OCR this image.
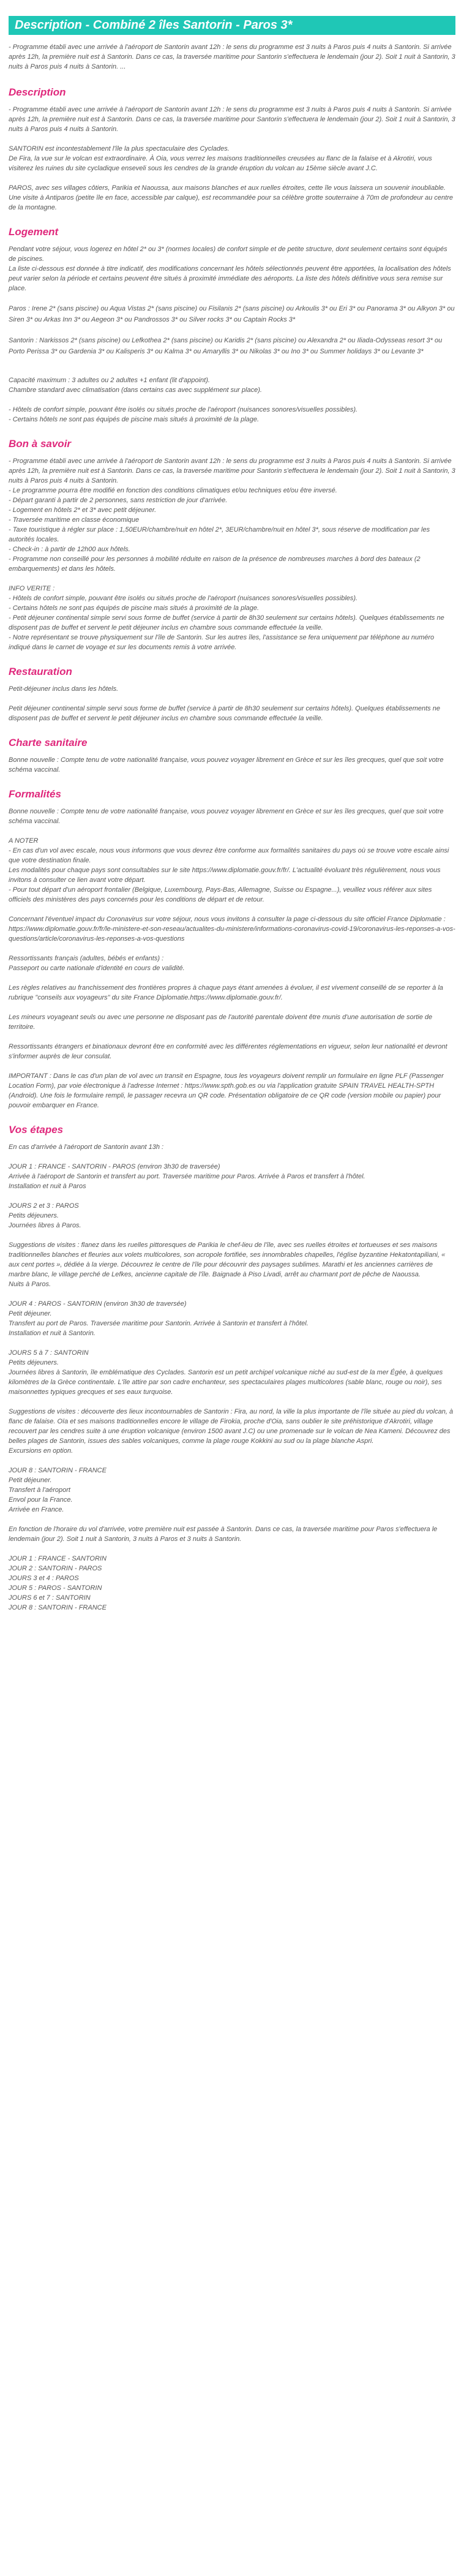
Description - Combiné 2 îles Santorin - Paros 3*

- Programme établi avec une arrivée à l'aéroport de Santorin avant 12h : le sens du programme est 3 nuits à Paros puis 4 nuits à Santorin. Si arrivée après 12h, la première nuit est à Santorin. Dans ce cas, la traversée maritime pour Santorin s'effectuera le lendemain (jour 2). Soit 1 nuit à Santorin, 3 nuits à Paros puis 4 nuits à Santorin. ...

Description

- Programme établi avec une arrivée à l'aéroport de Santorin avant 12h : le sens du programme est 3 nuits à Paros puis 4 nuits à Santorin. Si arrivée après 12h, la première nuit est à Santorin. Dans ce cas, la traversée maritime pour Santorin s'effectuera le lendemain (jour 2). Soit 1 nuit à Santorin, 3 nuits à Paros puis 4 nuits à Santorin.

SANTORIN est incontestablement l'île la plus spectaculaire des Cyclades.
De Fira, la vue sur le volcan est extraordinaire. À Oia, vous verrez les maisons traditionnelles creusées au flanc de la falaise et à Akrotiri, vous visiterez les ruines du site cycladique enseveli sous les cendres de la grande éruption du volcan au 15ème siècle avant J.C.

PAROS, avec ses villages côtiers, Parikia et Naoussa, aux maisons blanches et aux ruelles étroites, cette île vous laissera un souvenir inoubliable. Une visite à Antiparos (petite île en face, accessible par calque), est recommandée pour sa célèbre grotte souterraine à 70m de profondeur au centre de la montagne.

Logement

Pendant votre séjour, vous logerez en hôtel 2* ou 3* (normes locales) de confort simple et de petite structure, dont seulement certains sont équipés de piscines.
La liste ci-dessous est donnée à titre indicatif, des modifications concernant les hôtels sélectionnés peuvent être apportées, la localisation des hôtels peut varier selon la période et certains peuvent être situés à proximité immédiate des aéroports. La liste des hôtels définitive vous sera remise sur place.

Paros : Irene 2* (sans piscine) ou Aqua Vistas 2* (sans piscine) ou Fisilanis 2* (sans piscine) ou Arkoulis 3* ou Eri 3* ou Panorama 3* ou Alkyon 3* ou Siren 3* ou Arkas Inn 3* ou Aegeon 3* ou Pandrossos 3* ou Silver rocks 3* ou Captain Rocks 3*

Santorin : Narkissos 2* (sans piscine) ou Lefkothea 2* (sans piscine) ou Karidis 2* (sans piscine) ou Alexandra 2* ou Iliada-Odysseas resort 3* ou Porto Perissa 3* ou Gardenia 3* ou Kalisperis 3* ou Kalma 3* ou Amaryllis 3* ou Nikolas 3* ou Ino 3* ou Summer holidays 3* ou Levante 3*

Capacité maximum : 3 adultes ou 2 adultes +1 enfant (lit d'appoint).
Chambre standard avec climatisation (dans certains cas avec supplément sur place).

- Hôtels de confort simple, pouvant être isolés ou situés proche de l'aéroport (nuisances sonores/visuelles possibles).
- Certains hôtels ne sont pas équipés de piscine mais situés à proximité de la plage.

Bon à savoir

- Programme établi avec une arrivée à l'aéroport de Santorin avant 12h : le sens du programme est 3 nuits à Paros puis 4 nuits à Santorin. Si arrivée après 12h, la première nuit est à Santorin. Dans ce cas, la traversée maritime pour Santorin s'effectuera le lendemain (jour 2). Soit 1 nuit à Santorin, 3 nuits à Paros puis 4 nuits à Santorin.
- Le programme pourra être modifié en fonction des conditions climatiques et/ou techniques et/ou être inversé.
- Départ garanti à partir de 2 personnes, sans restriction de jour d'arrivée.
- Logement en hôtels 2* et 3* avec petit déjeuner.
- Traversée maritime en classe économique
- Taxe touristique à régler sur place : 1,50EUR/chambre/nuit en hôtel 2*, 3EUR/chambre/nuit en hôtel 3*, sous réserve de modification par les autorités locales.
- Check-in : à partir de 12h00 aux hôtels.
- Programme non conseillé pour les personnes à mobilité réduite en raison de la présence de nombreuses marches à bord des bateaux (2 embarquements) et dans les hôtels.

INFO VERITE :
- Hôtels de confort simple, pouvant être isolés ou situés proche de l'aéroport (nuisances sonores/visuelles possibles).
- Certains hôtels ne sont pas équipés de piscine mais situés à proximité de la plage.
- Petit déjeuner continental simple servi sous forme de buffet (service à partir de 8h30 seulement sur certains hôtels). Quelques établissements ne disposent pas de buffet et servent le petit déjeuner inclus en chambre sous commande effectuée la veille.
- Notre représentant se trouve physiquement sur l'île de Santorin. Sur les autres îles, l'assistance se fera uniquement par téléphone au numéro indiqué dans le carnet de voyage et sur les documents remis à votre arrivée.

Restauration

Petit-déjeuner inclus dans les hôtels.

Petit déjeuner continental simple servi sous forme de buffet (service à partir de 8h30 seulement sur certains hôtels). Quelques établissements ne disposent pas de buffet et servent le petit déjeuner inclus en chambre sous commande effectuée la veille.

Charte sanitaire

Bonne nouvelle : Compte tenu de votre nationalité française, vous pouvez voyager librement en Grèce et sur les îles grecques, quel que soit votre schéma vaccinal.

Formalités

Bonne nouvelle : Compte tenu de votre nationalité française, vous pouvez voyager librement en Grèce et sur les îles grecques, quel que soit votre schéma vaccinal.

A NOTER
- En cas d'un vol avec escale, nous vous informons que vous devrez être conforme aux formalités sanitaires du pays où se trouve votre escale ainsi que votre destination finale.
Les modalités pour chaque pays sont consultables sur le site https://www.diplomatie.gouv.fr/fr/. L'actualité évoluant très régulièrement, nous vous invitons à consulter ce lien avant votre départ.
- Pour tout départ d'un aéroport frontalier (Belgique, Luxembourg, Pays-Bas, Allemagne, Suisse ou Espagne...), veuillez vous référer aux sites officiels des ministères des pays concernés pour les conditions de départ et de retour.

Concernant l'éventuel impact du Coronavirus sur votre séjour, nous vous invitons à consulter la page ci-dessous du site officiel France Diplomatie :
https://www.diplomatie.gouv.fr/fr/le-ministere-et-son-reseau/actualites-du-ministere/informations-coronavirus-covid-19/coronavirus-les-reponses-a-vos-questions/article/coronavirus-les-reponses-a-vos-questions

Ressortissants français (adultes, bébés et enfants) :
Passeport ou carte nationale d'identité en cours de validité.

Les règles relatives au franchissement des frontières propres à chaque pays étant amenées à évoluer, il est vivement conseillé de se reporter à la rubrique "conseils aux voyageurs" du site France Diplomatie.https://www.diplomatie.gouv.fr/.

Les mineurs voyageant seuls ou avec une personne ne disposant pas de l'autorité parentale doivent être munis d'une autorisation de sortie de territoire.

Ressortissants étrangers et binationaux devront être en conformité avec les différentes réglementations en vigueur, selon leur nationalité et devront s'informer auprès de leur consulat.

IMPORTANT : Dans le cas d'un plan de vol avec un transit en Espagne, tous les voyageurs doivent remplir un formulaire en ligne PLF (Passenger Location Form), par voie électronique à l'adresse Internet : https://www.spth.gob.es ou via l'application gratuite SPAIN TRAVEL HEALTH-SPTH (Android). Une fois le formulaire rempli, le passager recevra un QR code. Présentation obligatoire de ce QR code (version mobile ou papier) pour pouvoir embarquer en France.

Vos étapes

En cas d'arrivée à l'aéroport de Santorin avant 13h :

JOUR 1 : FRANCE - SANTORIN - PAROS (environ 3h30 de traversée)
Arrivée à l'aéroport de Santorin et transfert au port. Traversée maritime pour Paros. Arrivée à Paros et transfert à l'hôtel.
Installation et nuit à Paros

JOURS 2 et 3 : PAROS
Petits déjeuners.
Journées libres à Paros.

Suggestions de visites : flanez dans les ruelles pittoresques de Parikia le chef-lieu de l'île, avec ses ruelles étroites et tortueuses et ses maisons traditionnelles blanches et fleuries aux volets multicolores, son acropole fortifiée, ses innombrables chapelles, l'église byzantine Hekatontapiliani, « aux cent portes », dédiée à la vierge. Découvrez le centre de l'île pour découvrir des paysages sublimes. Marathi et les anciennes carrières de marbre blanc, le village perché de Lefkes, ancienne capitale de l'île. Baignade à Piso Livadi, arrêt au charmant port de pêche de Naoussa.
Nuits à Paros.

JOUR 4 : PAROS - SANTORIN (environ 3h30 de traversée)
Petit déjeuner.
Transfert au port de Paros. Traversée maritime pour Santorin. Arrivée à Santorin et transfert à l'hôtel.
Installation et nuit à Santorin.

JOURS 5 à 7 : SANTORIN
Petits déjeuners.
Journées libres à Santorin, île emblématique des Cyclades. Santorin est un petit archipel volcanique niché au sud-est de la mer Égée, à quelques kilomètres de la Grèce continentale. L'île attire par son cadre enchanteur, ses spectaculaires plages multicolores (sable blanc, rouge ou noir), ses maisonnettes typiques grecques et ses eaux turquoise.

Suggestions de visites : découverte des lieux incontournables de Santorin : Fira, au nord, la ville la plus importante de l'île située au pied du volcan, à flanc de falaise. Oïa et ses maisons traditionnelles encore le village de Firokia, proche d'Oia, sans oublier le site préhistorique d'Akrotiri, village recouvert par les cendres suite à une éruption volcanique (environ 1500 avant J.C) ou une promenade sur le volcan de Nea Kameni. Découvrez des belles plages de Santorin, issues des sables volcaniques, comme la plage rouge Kokkini au sud ou la plage blanche Aspri.
Excursions en option.

JOUR 8 : SANTORIN - FRANCE
Petit déjeuner.
Transfert à l'aéroport
Envol pour la France.
Arrivée en France.

En fonction de l'horaire du vol d'arrivée, votre première nuit est passée à Santorin. Dans ce cas, la traversée maritime pour Paros s'effectuera le lendemain (jour 2). Soit 1 nuit à Santorin, 3 nuits à Paros et 3 nuits à Santorin.

JOUR 1 : FRANCE - SANTORIN
JOUR 2 : SANTORIN - PAROS
JOURS 3 et 4 : PAROS
JOUR 5 : PAROS - SANTORIN
JOURS 6 et 7 : SANTORIN
JOUR 8 : SANTORIN - FRANCE
